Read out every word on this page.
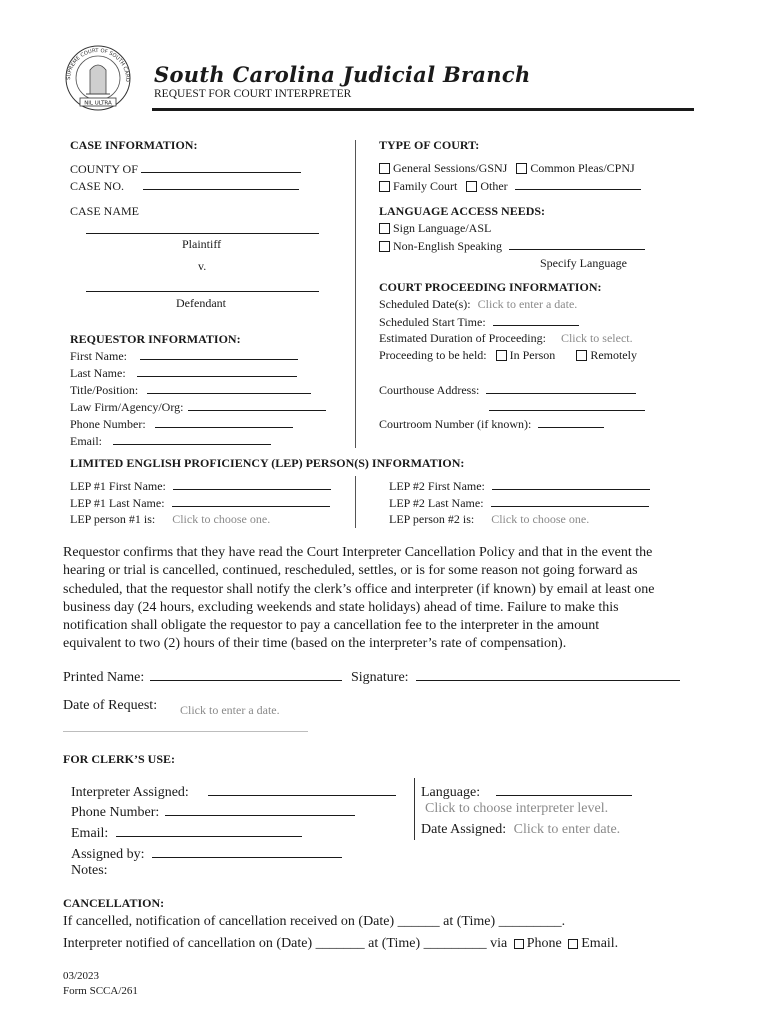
SUPREME COURT OF SOUTH CARO
NIL ULTRA
South Carolina Judicial Branch
REQUEST FOR COURT INTERPRETER
CASE INFORMATION:
COUNTY OF
CASE NO.
CASE NAME
Plaintiff
v.
Defendant
REQUESTOR INFORMATION:
First Name:
Last Name:
Title/Position:
Law Firm/Agency/Org:
Phone Number:
Email:
TYPE OF COURT:
General Sessions/GSNJ Common Pleas/CPNJ
Family Court Other
LANGUAGE ACCESS NEEDS:
Sign Language/ASL
Non-English Speaking
Specify Language
COURT PROCEEDING INFORMATION:
Scheduled Date(s): Click to enter a date.
Scheduled Start Time:
Estimated Duration of Proceeding: Click to select.
Proceeding to be held: In Person	Remotely
Courthouse Address:
Courtroom Number (if known):
LIMITED ENGLISH PROFICIENCY (LEP) PERSON(S) INFORMATION:
LEP #1 First Name:
LEP #1 Last Name:
LEP person #1 is: Click to choose one.
LEP #2 First Name:
LEP #2 Last Name:
LEP person #2 is: Click to choose one.
Requestor confirms that they have read the Court Interpreter Cancellation Policy and that in the event the
hearing or trial is cancelled, continued, rescheduled, settles, or is for some reason not going forward as
scheduled, that the requestor shall notify the clerk’s office and interpreter (if known) by email at least one
business day (24 hours, excluding weekends and state holidays) ahead of time. Failure to make this
notification shall obligate the requestor to pay a cancellation fee to the interpreter in the amount
equivalent to two (2) hours of their time (based on the interpreter’s rate of compensation).
Printed Name:	Signature:
Date of Request: Click to enter a date.
FOR CLERK’S USE:
Interpreter Assigned:
Phone Number:
Email:
Assigned by:
Notes:
Language:
Click to choose interpreter level.
Date Assigned: Click to enter date.
CANCELLATION:
If cancelled, notification of cancellation received on (Date) ______ at (Time) _________.
Interpreter notified of cancellation on (Date) _______ at (Time) _________ via Phone Email.
03/2023
Form SCCA/261
